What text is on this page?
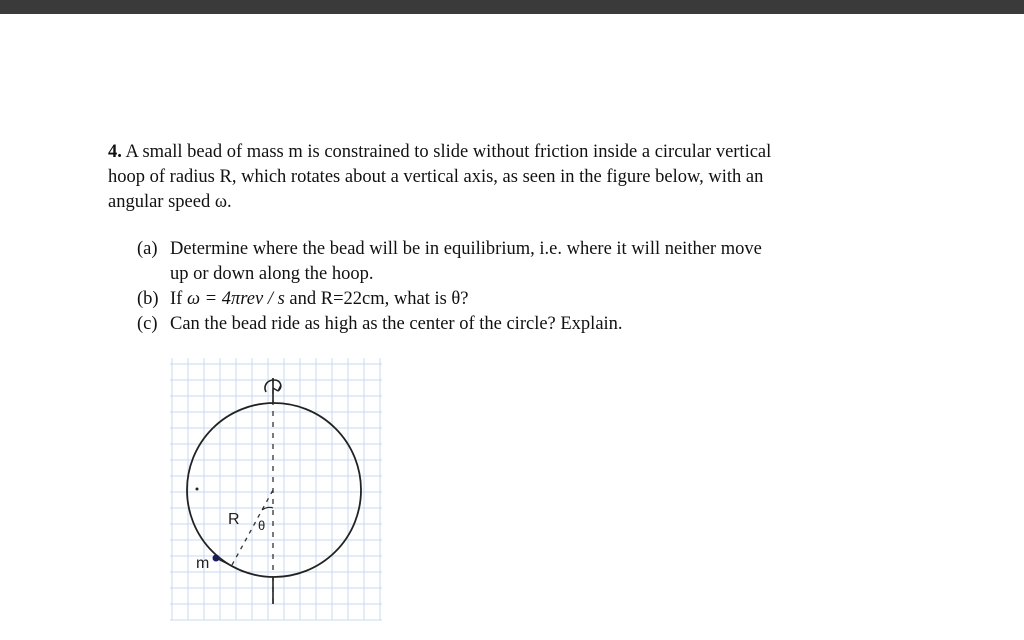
4. A small bead of mass m is constrained to slide without friction inside a circular vertical
hoop of radius R, which rotates about a vertical axis, as seen in the figure below, with an
angular speed ω.
(a) Determine where the bead will be in equilibrium, i.e. where it will neither move
up or down along the hoop.
(b) If ω = 4πrev / s and R=22cm, what is θ?
(c) Can the bead ride as high as the center of the circle? Explain.
R θ
m
